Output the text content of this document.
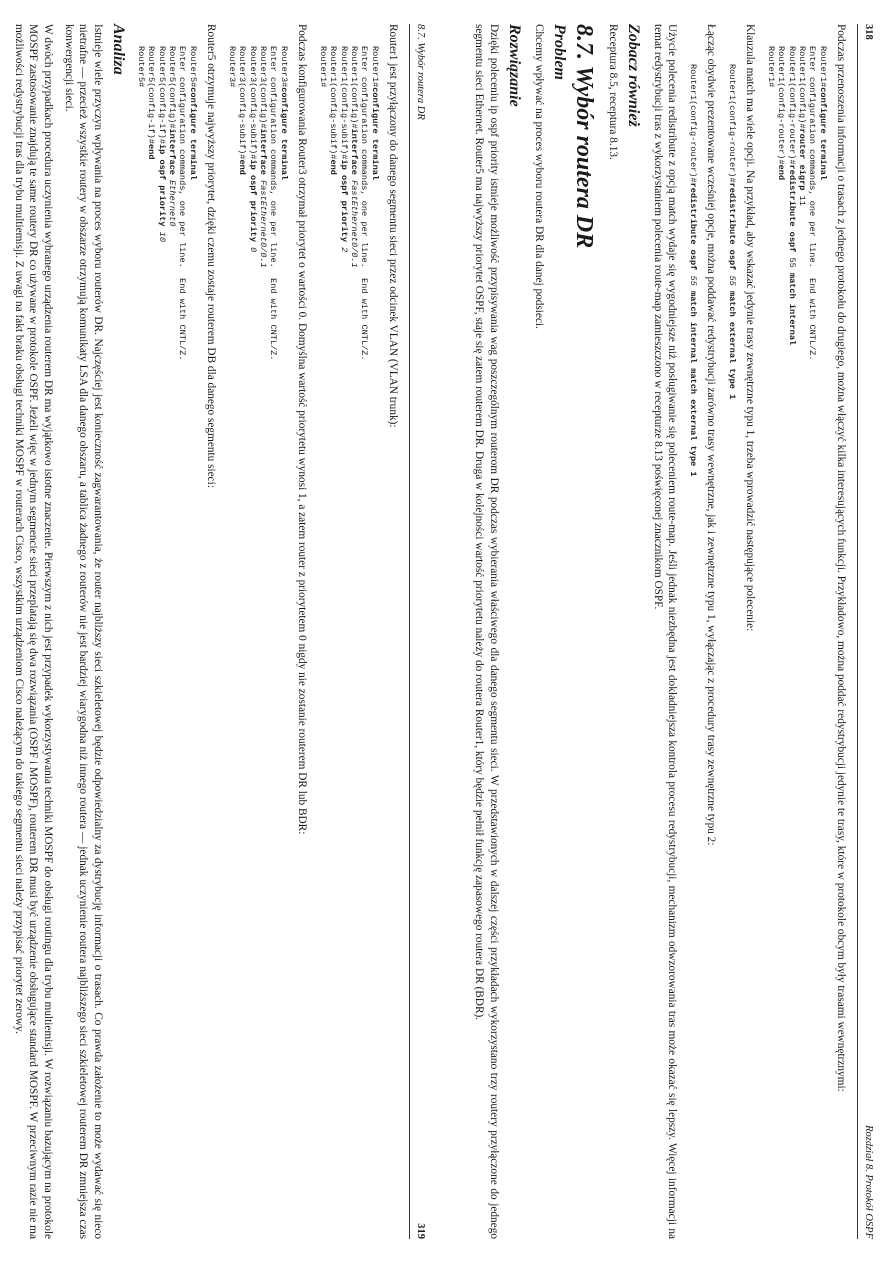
318
Rozdział 8. Protokół OSPF

Podczas przenoszenia informacji o trasach z jednego protokołu do drugiego, można włączyć kilka interesujących funkcji. Przykładowo, można poddać redystrybucji jedynie te trasy, które w protokole obcym były trasami wewnętrznymi:

Router1#configure terminal
Enter configuration commands, one per line.  End with CNTL/Z.
Router1(config)#router eigrp 11
Router1(config-router)#redistribute ospf 55 match internal
Router1(config-router)#end
Router1#

Klauzula match ma wiele opcji. Na przykład, aby wskazać jedynie trasy zewnętrzne typu 1, trzeba wprowadzić następujące polecenie:

Router1(config-router)#redistribute ospf 55 match external type 1

Łącząc obydwie prezentowane wcześniej opcje, można poddawać redystrybucji zarówno trasy wewnętrzne, jak i zewnętrzne typu 1, wyłączając z procedury trasy zewnętrzne typu 2:

Router1(config-router)#redistribute ospf 55 match internal match external type 1

Użycie polecenia redistribute z opcją match wydaje się wygodniejsze niż posługiwanie się poleceniem route-map. Jeśli jednak niezbędna jest dokładniejsza kontrola procesu redystrybucji, mechanizm odwzorowania tras może okazać się lepszy. Więcej informacji na temat redystrybucji tras z wykorzystaniem polecenia route-map zamieszczono w recepturze 8.13 poświęconej znacznikom OSPF.

Zobacz również

Receptura 8.5, receptura 8.13.

8.7. Wybór routera DR
Problem

Chcemy wpływać na proces wyboru routera DR dla danej podsieci.

Rozwiązanie

Dzięki poleceniu ip ospf priority istnieje możliwość przypisywania wag poszczególnym routerom DR podczas wybierania właściwego dla danego segmentu sieci. W przedstawionych w dalszej części przykładach wykorzystano trzy routery przyłączone do jednego segmentu sieci Ethernet. Router5 ma najwyższy priorytet OSPF, staje się zatem routerem DR. Druga w kolejności wartość priorytetu należy do routera Router1, który będzie pełnił funkcję zapasowego routera DR (BDR).

8.7. Wybór routera DR
319

Router1 jest przyłączony do danego segmentu sieci przez odcinek VLAN (VLAN trunk):

Router1#configure terminal
Enter configuration commands, one per line.  End with CNTL/Z.
Router1(config)#interface FastEthernet0/0.1
Router1(config-subif)#ip ospf priority 2
Router1(config-subif)#end
Router1#

Podczas konfigurowania Router3 otrzymał priorytet o wartości 0. Domyślna wartość priorytetu wynosi 1, a zatem router z priorytetem 0 nigdy nie zostanie routerem DR lub BDR:

Router3#configure terminal
Enter configuration commands, one per line.  End with CNTL/Z.
Router3(config)#interface FastEthernet0/0.1
Router3(config-subif)#ip ospf priority 0
Router3(config-subif)#end
Router3#

Router5 otrzymuje najwyższy priorytet, dzięki czemu zostaje routerem DB dla danego segmentu sieci:

Router5#configure terminal
Enter configuration commands, one per line.  End with CNTL/Z.
Router5(config)#interface Ethernet0
Router5(config-if)#ip ospf priority 10
Router5(config-if)#end
Router5#
Analiza

Istnieje wiele przyczyn wpływania na proces wyboru routerów DR. Najczęściej jest konieczność zagwarantowania, że router najbliższy sieci szkieletowej będzie odpowiedzialny za dystrybucję informacji o trasach. Co prawda założenie to może wydawać się nieco nietrafne — przecież wszystkie routery w obszarze otrzymują komunikaty LSA dla danego obszaru, a tablica żadnego z routerów nie jest bardziej wiarygodna niż innego routera — jednak uczynienie routera najbliższego sieci szkieletowej routerem DR zmniejsza czas konwergencji sieci.

W dwóch przypadkach procedura uczynienia wybranego urządzenia routerem DR ma wyjątkowo istotne znaczenie. Pierwszym z nich jest przypadek wykorzystywania techniki MOSPF do obsługi routingu dla trybu multiemisji. W rozwiązaniu bazującym na protokole MOSPF zastosowanie znajdują te same routery DR co używane w protokole OSPF. Jeżeli więc w jednym segmencie sieci przeplatają się dwa rozwiązania (OSPF i MOSPF), routerem DR musi być urządzenie obsługujące standard MOSPF. W przeciwnym razie nie ma możliwości redystrybucji tras dla trybu multiemisji. Z uwagi na fakt braku obsługi techniki MOSPF w routerach Cisco, wszystkim urządzeniom Cisco należącym do takiego segmentu sieci należy przypisać priorytet zerowy.
